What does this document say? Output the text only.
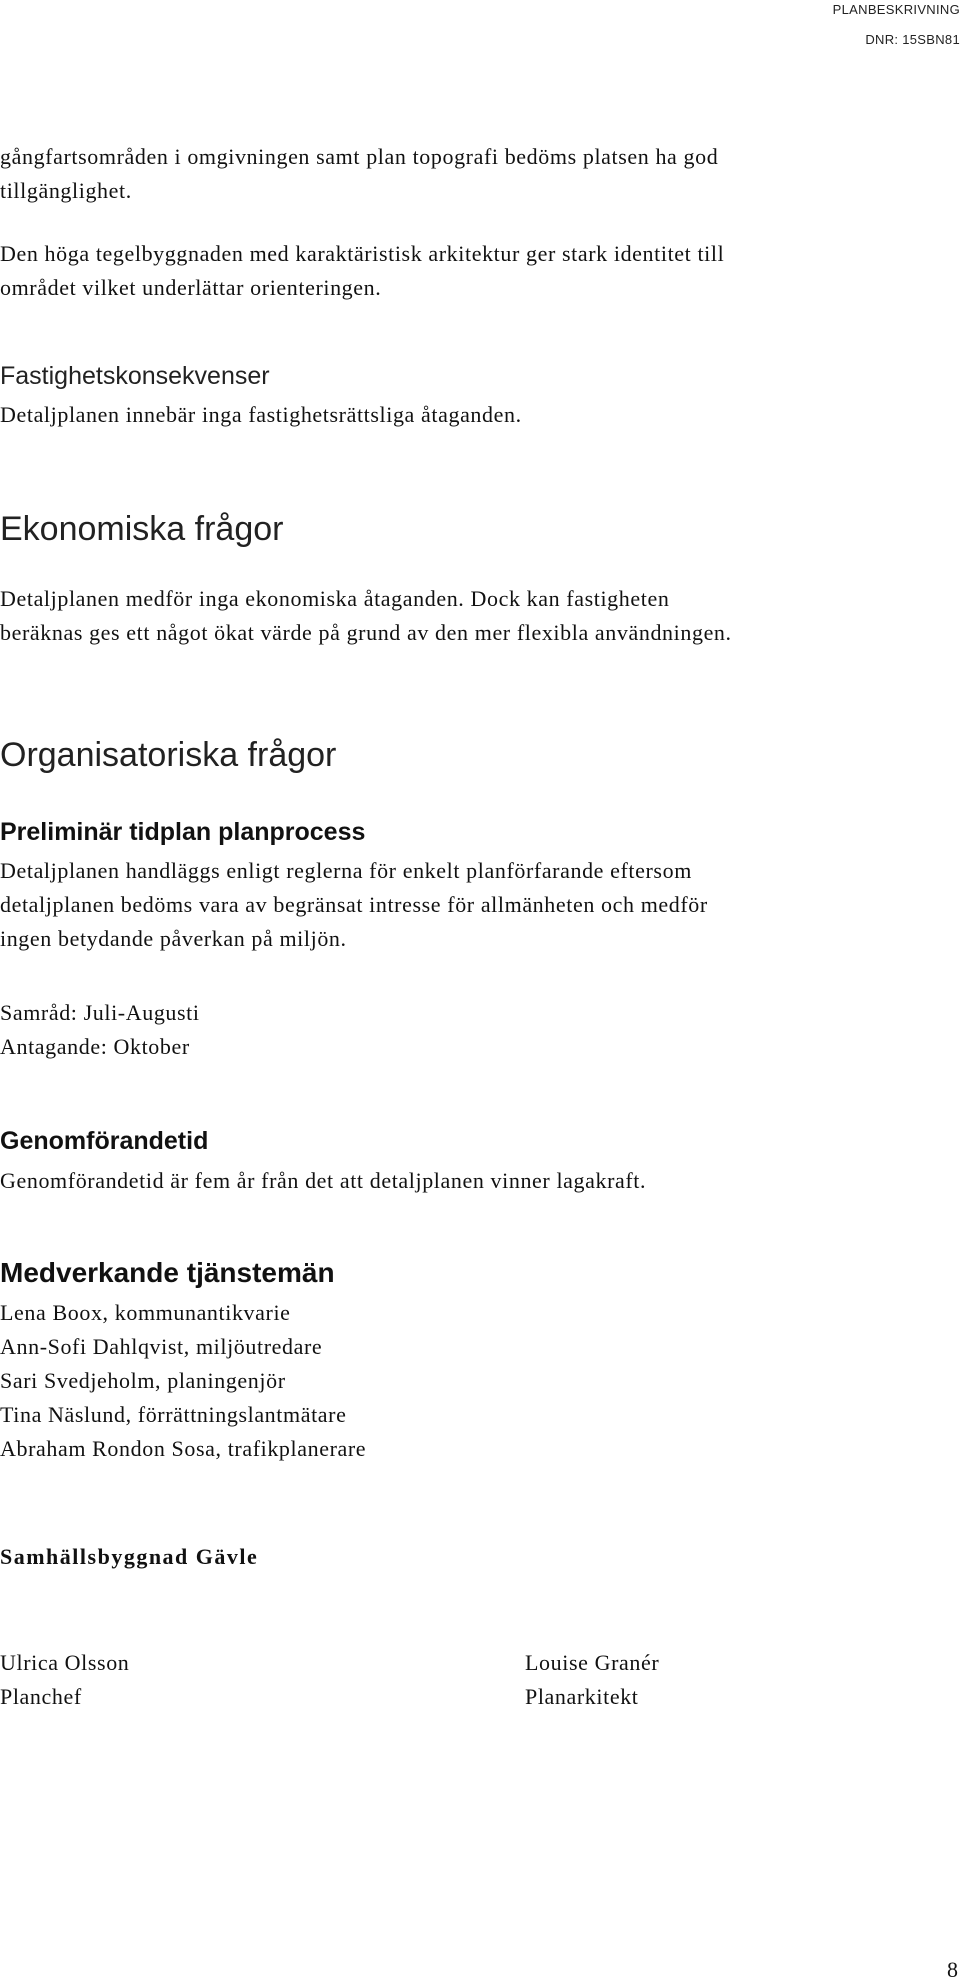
PLANBESKRIVNING
DNR: 15SBN81
gångfartsområden i omgivningen samt plan topografi bedöms platsen ha god
tillgänglighet.
Den höga tegelbyggnaden med karaktäristisk arkitektur ger stark identitet till
området vilket underlättar orienteringen.
Fastighetskonsekvenser
Detaljplanen innebär inga fastighetsrättsliga åtaganden.
Ekonomiska frågor
Detaljplanen medför inga ekonomiska åtaganden. Dock kan fastigheten
beräknas ges ett något ökat värde på grund av den mer flexibla användningen.
Organisatoriska frågor
Preliminär tidplan planprocess
Detaljplanen handläggs enligt reglerna för enkelt planförfarande eftersom
detaljplanen bedöms vara av begränsat intresse för allmänheten och medför
ingen betydande påverkan på miljön.
Samråd: Juli-Augusti
Antagande: Oktober
Genomförandetid
Genomförandetid är fem år från det att detaljplanen vinner lagakraft.
Medverkande tjänstemän
Lena Boox, kommunantikvarie
Ann-Sofi Dahlqvist, miljöutredare
Sari Svedjeholm, planingenjör
Tina Näslund, förrättningslantmätare
Abraham Rondon Sosa, trafikplanerare
Samhällsbyggnad Gävle
Ulrica Olsson
Planchef
Louise Granér
Planarkitekt
8
